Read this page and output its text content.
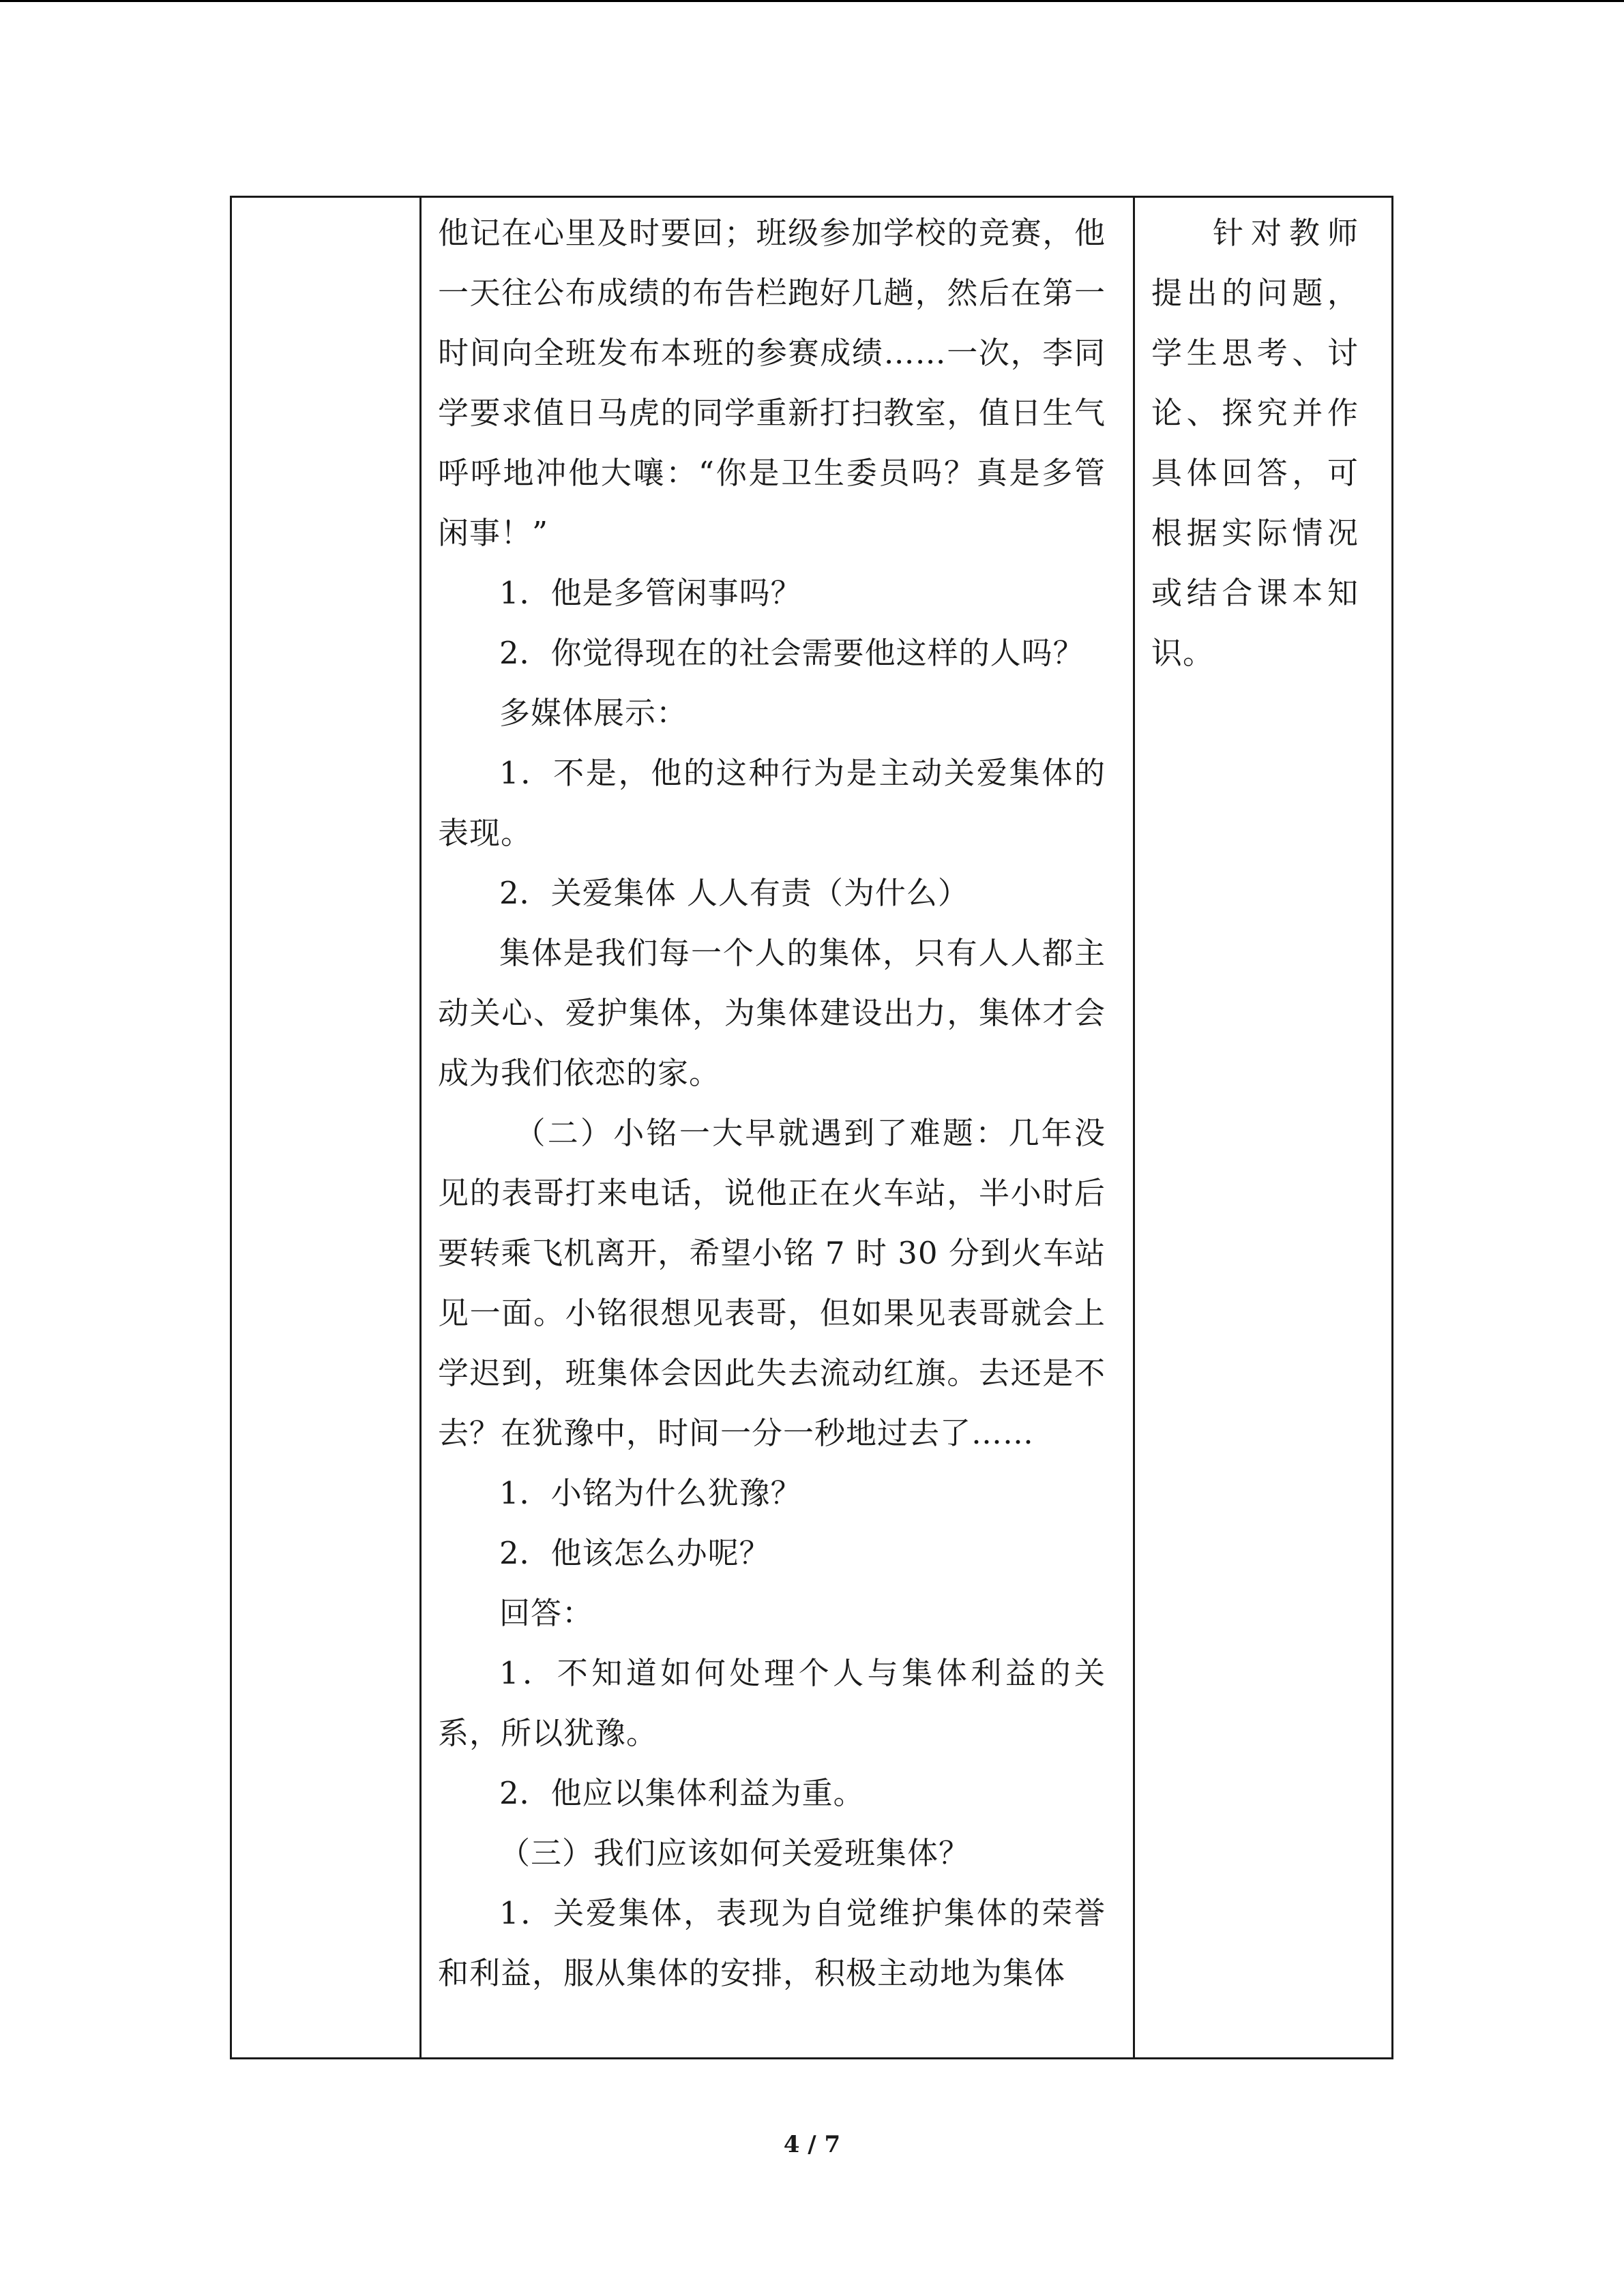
他记在心里及时要回；班级参加学校的竞赛，他一天往公布成绩的布告栏跑好几趟，然后在第一时间向全班发布本班的参赛成绩……一次，李同学要求值日马虎的同学重新打扫教室，值日生气呼呼地冲他大嚷：“你是卫生委员吗？真是多管闲事！”

1．他是多管闲事吗？

2．你觉得现在的社会需要他这样的人吗？

多媒体展示：

1．不是，他的这种行为是主动关爱集体的表现。

2．关爱集体 人人有责（为什么）

集体是我们每一个人的集体，只有人人都主动关心、爱护集体，为集体建设出力，集体才会成为我们依恋的家。

（二）小铭一大早就遇到了难题：几年没见的表哥打来电话，说他正在火车站，半小时后要转乘飞机离开，希望小铭 7 时 30 分到火车站见一面。小铭很想见表哥，但如果见表哥就会上学迟到，班集体会因此失去流动红旗。去还是不去？在犹豫中，时间一分一秒地过去了……

1．小铭为什么犹豫？

2．他该怎么办呢？

回答：

1．不知道如何处理个人与集体利益的关系，所以犹豫。

2．他应以集体利益为重。

（三）我们应该如何关爱班集体？

1．关爱集体，表现为自觉维护集体的荣誉和利益，服从集体的安排，积极主动地为集体

针对教师提出的问题，学生思考、讨论、探究并作具体回答，可根据实际情况或结合课本知识。

4 / 7
